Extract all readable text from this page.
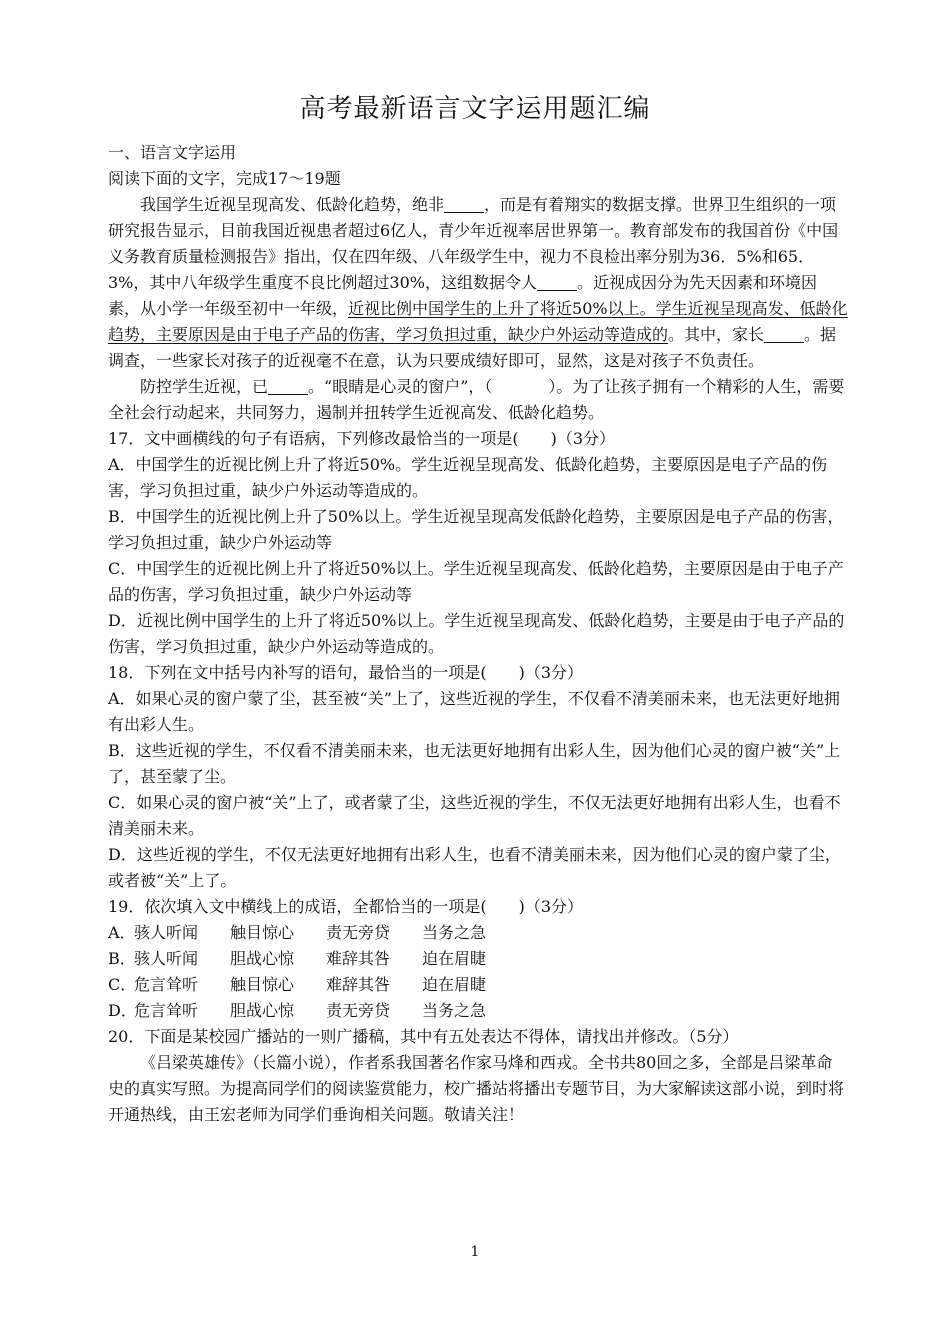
高考最新语言文字运用题汇编

一、语言文字运用

阅读下面的文字，完成17～19题

我国学生近视呈现高发、低龄化趋势，绝非	，而是有着翔实的数据支撑。世界卫生组织的一项研究报告显示，目前我国近视患者超过6亿人，青少年近视率居世界第一。教育部发布的我国首份《中国义务教育质量检测报告》指出，仅在四年级、八年级学生中，视力不良检出率分别为36．5%和65．3%，其中八年级学生重度不良比例超过30%，这组数据令人	。近视成因分为先天因素和环境因素，从小学一年级至初中一年级，近视比例中国学生的上升了将近50%以上。学生近视呈现高发、低龄化趋势，主要原因是由于电子产品的伤害，学习负担过重，缺少户外运动等造成的。其中，家长	。据调查，一些家长对孩子的近视毫不在意，认为只要成绩好即可，显然，这是对孩子不负责任。

防控学生近视，已	。“眼睛是心灵的窗户”，（	）。为了让孩子拥有一个精彩的人生，需要全社会行动起来，共同努力，遏制并扭转学生近视高发、低龄化趋势。

17．文中画横线的句子有语病，下列修改最恰当的一项是(　　)（3分）

A．中国学生的近视比例上升了将近50%。学生近视呈现高发、低龄化趋势，主要原因是电子产品的伤害，学习负担过重，缺少户外运动等造成的。

B．中国学生的近视比例上升了50%以上。学生近视呈现高发低龄化趋势，主要原因是电子产品的伤害，学习负担过重，缺少户外运动等

C．中国学生的近视比例上升了将近50%以上。学生近视呈现高发、低龄化趋势，主要原因是由于电子产品的伤害，学习负担过重，缺少户外运动等

D．近视比例中国学生的上升了将近50%以上。学生近视呈现高发、低龄化趋势，主要是由于电子产品的伤害，学习负担过重，缺少户外运动等造成的。

18．下列在文中括号内补写的语句，最恰当的一项是(　　)（3分）

A．如果心灵的窗户蒙了尘，甚至被“关”上了，这些近视的学生，不仅看不清美丽未来，也无法更好地拥有出彩人生。

B．这些近视的学生，不仅看不清美丽未来，也无法更好地拥有出彩人生，因为他们心灵的窗户被“关”上了，甚至蒙了尘。

C．如果心灵的窗户被“关”上了，或者蒙了尘，这些近视的学生，不仅无法更好地拥有出彩人生，也看不清美丽未来。

D．这些近视的学生，不仅无法更好地拥有出彩人生，也看不清美丽未来，因为他们心灵的窗户蒙了尘，或者被“关”上了。

19．依次填入文中横线上的成语，全都恰当的一项是(　　)（3分）

A．骇人听闻 触目惊心 责无旁贷 当务之急

B．骇人听闻 胆战心惊 难辞其咎 迫在眉睫

C．危言耸听 触目惊心 难辞其咎 迫在眉睫

D．危言耸听 胆战心惊 责无旁贷 当务之急

20．下面是某校园广播站的一则广播稿，其中有五处表达不得体，请找出并修改。（5分）

《吕梁英雄传》（长篇小说），作者系我国著名作家马烽和西戎。全书共80回之多，全部是吕梁革命史的真实写照。为提高同学们的阅读鉴赏能力，校广播站将播出专题节目，为大家解读这部小说，到时将开通热线，由王宏老师为同学们垂询相关问题。敬请关注！

1
